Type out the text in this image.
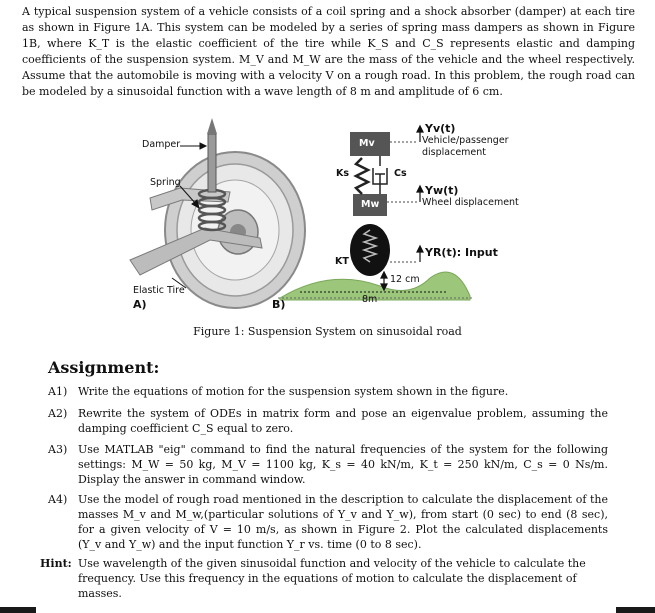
A typical suspension system of a vehicle consists of a coil spring and a shock absorber (damper) at each tire as shown in Figure 1A. This system can be modeled by a series of spring mass dampers as shown in Figure 1B, where K_T is the elastic coefficient of the tire while K_S and C_S represents elastic and damping coefficients of the suspension system. M_V and M_W are the mass of the vehicle and the wheel respectively. Assume that the automobile is moving with a velocity V on a rough road. In this problem, the rough road can be modeled by a sinusoidal function with a wave length of 8 m and amplitude of 6 cm.
Damper
Spring
Elastic Tire
A)	B)
Mv
Mw
Ks	Cs
KT
Yv(t)
Vehicle/passenger
displacement
Yw(t)
Wheel displacement
YR(t): Input
12 cm
8m
Figure 1: Suspension System on sinusoidal road
Assignment:
A1) Write the equations of motion for the suspension system shown in the figure.
A2) Rewrite the system of ODEs in matrix form and pose an eigenvalue problem, assuming the damping coefficient C_S equal to zero.
A3) Use MATLAB "eig" command to find the natural frequencies of the system for the following settings: M_W = 50 kg, M_V = 1100 kg, K_s = 40 kN/m, K_t = 250 kN/m, C_s = 0 Ns/m. Display the answer in command window.
A4) Use the model of rough road mentioned in the description to calculate the displacement of the masses M_v and M_w,(particular solutions of Y_v and Y_w), from start (0 sec) to end (8 sec), for a given velocity of V = 10 m/s, as shown in Figure 2. Plot the calculated displacements (Y_v and Y_w) and the input function Y_r vs. time (0 to 8 sec).
Hint: Use wavelength of the given sinusoidal function and velocity of the vehicle to calculate the frequency. Use this frequency in the equations of motion to calculate the displacement of masses.
